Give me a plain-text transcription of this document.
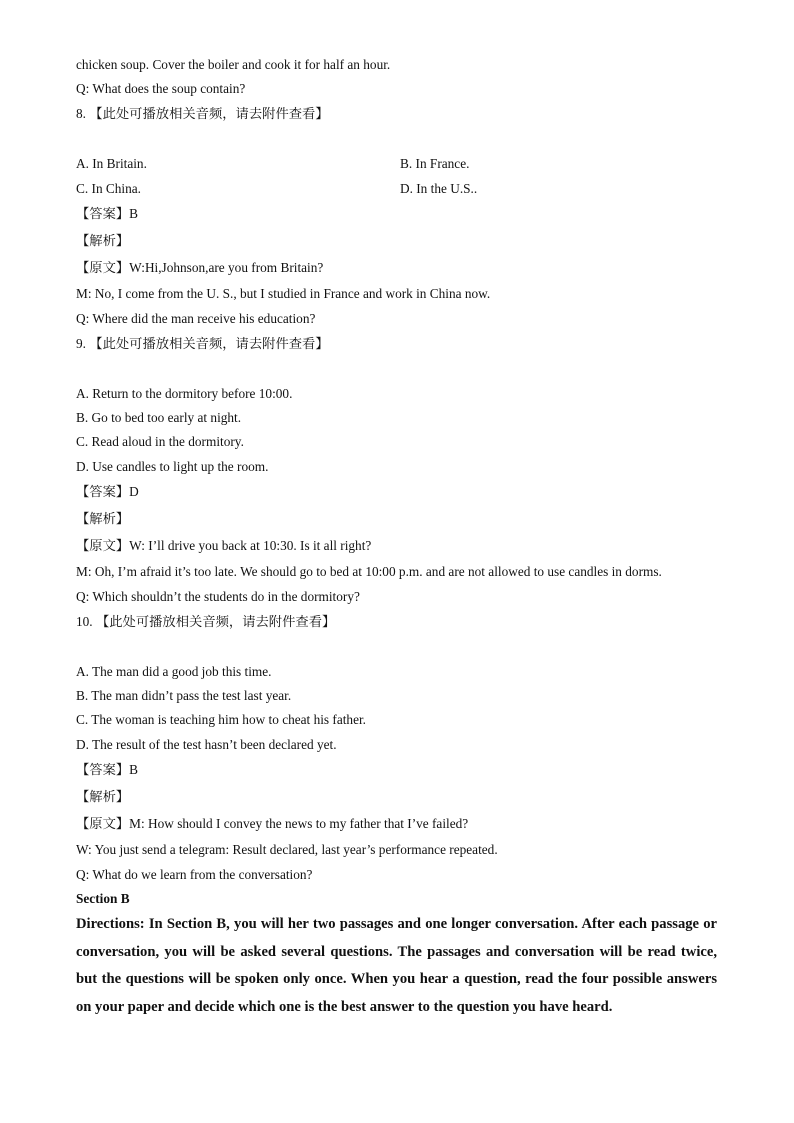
chicken soup. Cover the boiler and cook it for half an hour.
Q: What does the soup contain?
8. 【此处可播放相关音频，请去附件查看】
A. In Britain.	B. In France.
C. In China.	D. In the U.S..
【答案】B
【解析】
【原文】W:Hi,Johnson,are you from Britain?
M: No, I come from the U. S., but I studied in France and work in China now.
Q: Where did the man receive his education?
9. 【此处可播放相关音频，请去附件查看】
A. Return to the dormitory before 10:00.
B. Go to bed too early at night.
C. Read aloud in the dormitory.
D. Use candles to light up the room.
【答案】D
【解析】
【原文】W: I’ll drive you back at 10:30. Is it all right?
M: Oh, I’m afraid it’s too late. We should go to bed at 10:00 p.m. and are not allowed to use candles in dorms.
Q: Which shouldn’t the students do in the dormitory?
10. 【此处可播放相关音频，请去附件查看】
A. The man did a good job this time.
B. The man didn’t pass the test last year.
C. The woman is teaching him how to cheat his father.
D. The result of the test hasn’t been declared yet.
【答案】B
【解析】
【原文】M: How should I convey the news to my father that I’ve failed?
W: You just send a telegram: Result declared, last year’s performance repeated.
Q: What do we learn from the conversation?
Section B
Directions: In Section B, you will her two passages and one longer conversation. After each passage or conversation, you will be asked several questions. The passages and conversation will be read twice, but the questions will be spoken only once. When you hear a question, read the four possible answers on your paper and decide which one is the best answer to the question you have heard.
